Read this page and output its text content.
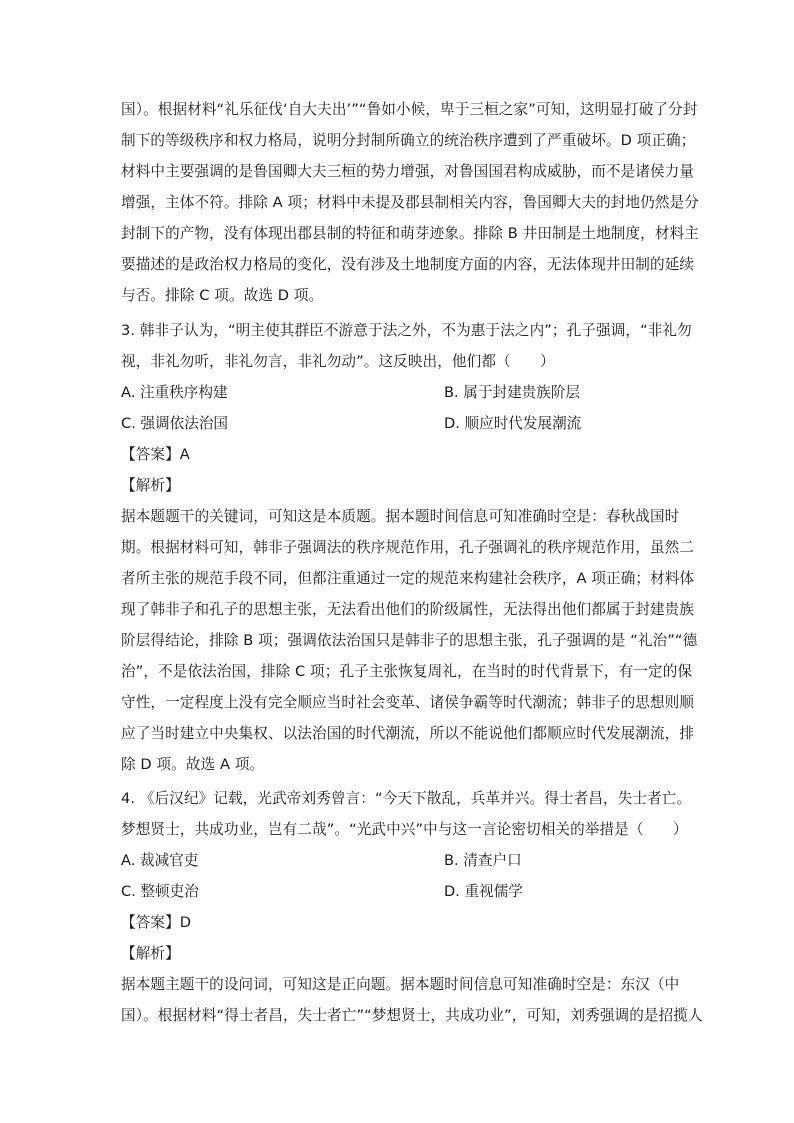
国）。根据材料“礼乐征伐‘自大夫出’”“鲁如小候，卑于三桓之家”可知，这明显打破了分封
制下的等级秩序和权力格局，说明分封制所确立的统治秩序遭到了严重破坏。D 项正确；
材料中主要强调的是鲁国卿大夫三桓的势力增强，对鲁国国君构成威胁，而不是诸侯力量
增强，主体不符。排除 A 项；材料中未提及郡县制相关内容，鲁国卿大夫的封地仍然是分
封制下的产物，没有体现出郡县制的特征和萌芽迹象。排除 B 井田制是土地制度，材料主
要描述的是政治权力格局的变化，没有涉及土地制度方面的内容，无法体现井田制的延续
与否。排除 C 项。故选 D 项。
3. 韩非子认为，“明主使其群臣不游意于法之外，不为惠于法之内”；孔子强调，“非礼勿
视，非礼勿听，非礼勿言，非礼勿动”。这反映出，他们都（　　）
A. 注重秩序构建	B. 属于封建贵族阶层
C. 强调依法治国	D. 顺应时代发展潮流
【答案】A
【解析】
据本题题干的关键词，可知这是本质题。据本题时间信息可知准确时空是：春秋战国时
期。根据材料可知，韩非子强调法的秩序规范作用，孔子强调礼的秩序规范作用，虽然二
者所主张的规范手段不同，但都注重通过一定的规范来构建社会秩序，A 项正确；材料体
现了韩非子和孔子的思想主张，无法看出他们的阶级属性，无法得出他们都属于封建贵族
阶层得结论，排除 B 项；强调依法治国只是韩非子的思想主张，孔子强调的是 “礼治”“德
治”，不是依法治国，排除 C 项；孔子主张恢复周礼，在当时的时代背景下，有一定的保
守性，一定程度上没有完全顺应当时社会变革、诸侯争霸等时代潮流；韩非子的思想则顺
应了当时建立中央集权、以法治国的时代潮流，所以不能说他们都顺应时代发展潮流，排
除 D 项。故选 A 项。
4. 《后汉纪》记载，光武帝刘秀曾言：“今天下散乱，兵革并兴。得士者昌，失士者亡。
梦想贤士，共成功业，岂有二哉”。“光武中兴”中与这一言论密切相关的举措是（　　）
A. 裁减官吏	B. 清查户口
C. 整顿吏治	D. 重视儒学
【答案】D
【解析】
据本题主题干的设问词，可知这是正向题。据本题时间信息可知准确时空是：东汉（中
国）。根据材料“得士者昌，失士者亡”“梦想贤士，共成功业”，可知，刘秀强调的是招揽人
